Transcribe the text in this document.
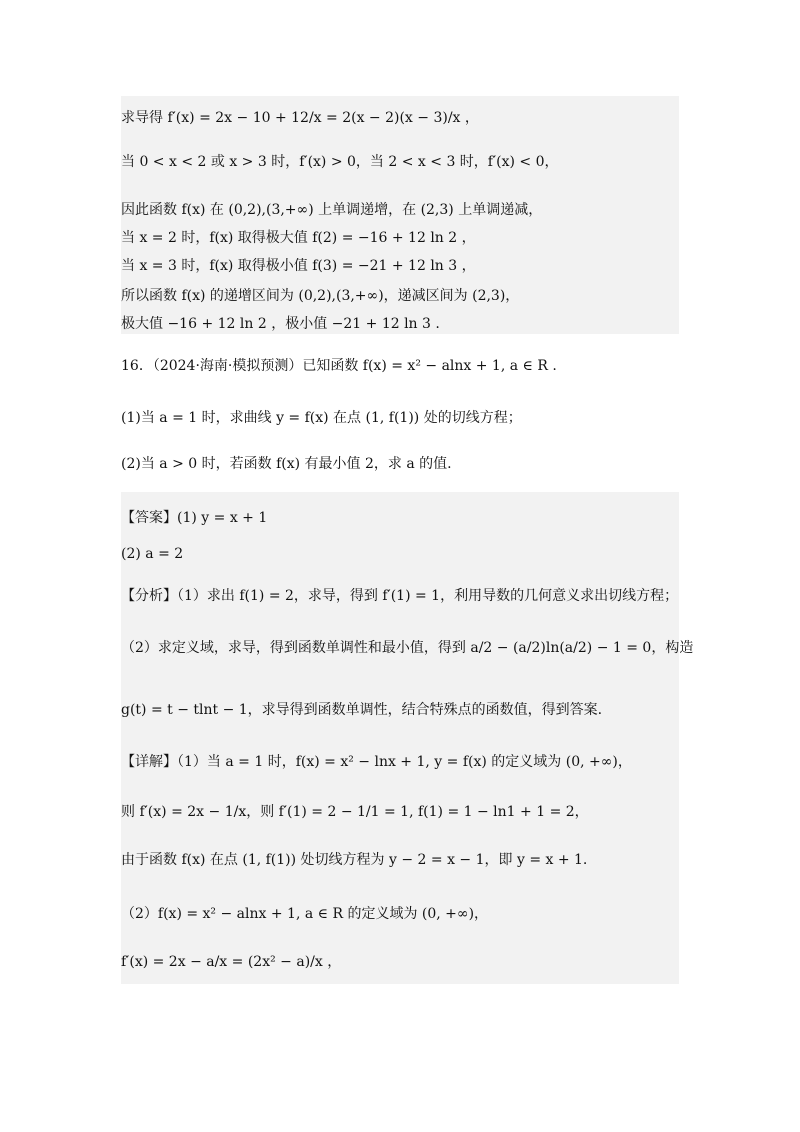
求导得 f′(x) = 2x − 10 + 12/x = 2(x − 2)(x − 3)/x ，
当 0 < x < 2 或 x > 3 时，f′(x) > 0，当 2 < x < 3 时，f′(x) < 0，
因此函数 f(x) 在 (0,2),(3,+∞) 上单调递增，在 (2,3) 上单调递减，
当 x = 2 时，f(x) 取得极大值 f(2) = −16 + 12 ln 2 ，
当 x = 3 时，f(x) 取得极小值 f(3) = −21 + 12 ln 3 ，
所以函数 f(x) 的递增区间为 (0,2),(3,+∞)，递减区间为 (2,3)，
极大值 −16 + 12 ln 2 ，极小值 −21 + 12 ln 3 .
16．（2024·海南·模拟预测）已知函数 f(x) = x² − alnx + 1, a ∈ R .
(1)当 a = 1 时，求曲线 y = f(x) 在点 (1, f(1)) 处的切线方程；
(2)当 a > 0 时，若函数 f(x) 有最小值 2，求 a 的值.
【答案】(1) y = x + 1
(2) a = 2
【分析】（1）求出 f(1) = 2，求导，得到 f′(1) = 1，利用导数的几何意义求出切线方程；
（2）求定义域，求导，得到函数单调性和最小值，得到 a/2 − (a/2)ln(a/2) − 1 = 0，构造
g(t) = t − tlnt − 1，求导得到函数单调性，结合特殊点的函数值，得到答案.
【详解】（1）当 a = 1 时，f(x) = x² − lnx + 1, y = f(x) 的定义域为 (0, +∞)，
则 f′(x) = 2x − 1/x，则 f′(1) = 2 − 1/1 = 1, f(1) = 1 − ln1 + 1 = 2，
由于函数 f(x) 在点 (1, f(1)) 处切线方程为 y − 2 = x − 1，即 y = x + 1.
（2）f(x) = x² − alnx + 1, a ∈ R 的定义域为 (0, +∞)，
f′(x) = 2x − a/x = (2x² − a)/x ，
